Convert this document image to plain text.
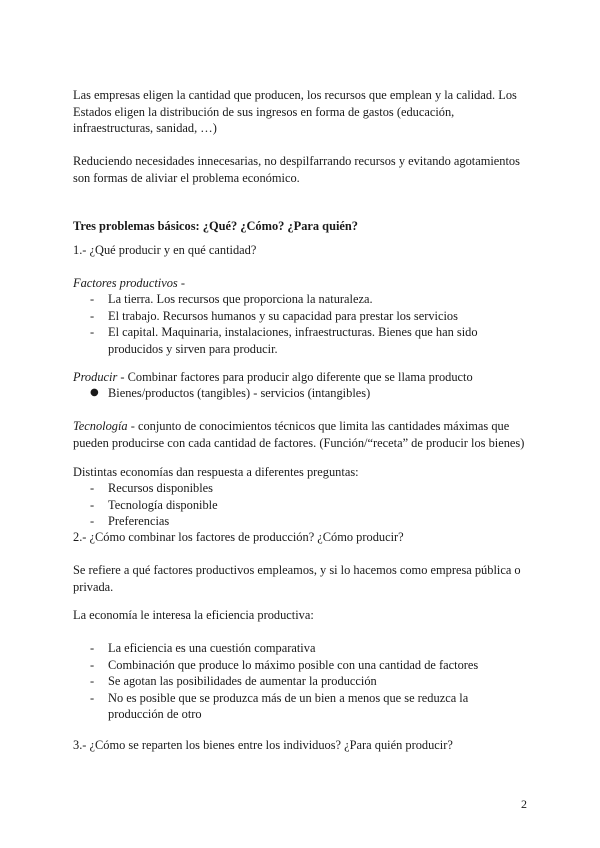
Las empresas eligen la cantidad que producen, los recursos que emplean y la calidad. Los Estados eligen la distribución de sus ingresos en forma de gastos (educación, infraestructuras, sanidad, …)

Reduciendo necesidades innecesarias, no despilfarrando recursos y evitando agotamientos son formas de aliviar el problema económico.

Tres problemas básicos: ¿Qué? ¿Cómo? ¿Para quién?

1.- ¿Qué producir y en qué cantidad?

Factores productivos -

- La tierra. Los recursos que proporciona la naturaleza.
- El trabajo. Recursos humanos y su capacidad para prestar los servicios
- El capital. Maquinaria, instalaciones, infraestructuras. Bienes que han sido producidos y sirven para producir.

Producir - Combinar factores para producir algo diferente que se llama producto

● Bienes/productos (tangibles) - servicios (intangibles)

Tecnología - conjunto de conocimientos técnicos que limita las cantidades máximas que pueden producirse con cada cantidad de factores. (Función/“receta” de producir los bienes)

Distintas economías dan respuesta a diferentes preguntas:

- Recursos disponibles
- Tecnología disponible
- Preferencias

2.- ¿Cómo combinar los factores de producción? ¿Cómo producir?

Se refiere a qué factores productivos empleamos, y si lo hacemos como empresa pública o privada.

La economía le interesa la eficiencia productiva:

- La eficiencia es una cuestión comparativa
- Combinación que produce lo máximo posible con una cantidad de factores
- Se agotan las posibilidades de aumentar la producción
- No es posible que se produzca más de un bien a menos que se reduzca la producción de otro

3.- ¿Cómo se reparten los bienes entre los individuos? ¿Para quién producir?

2
